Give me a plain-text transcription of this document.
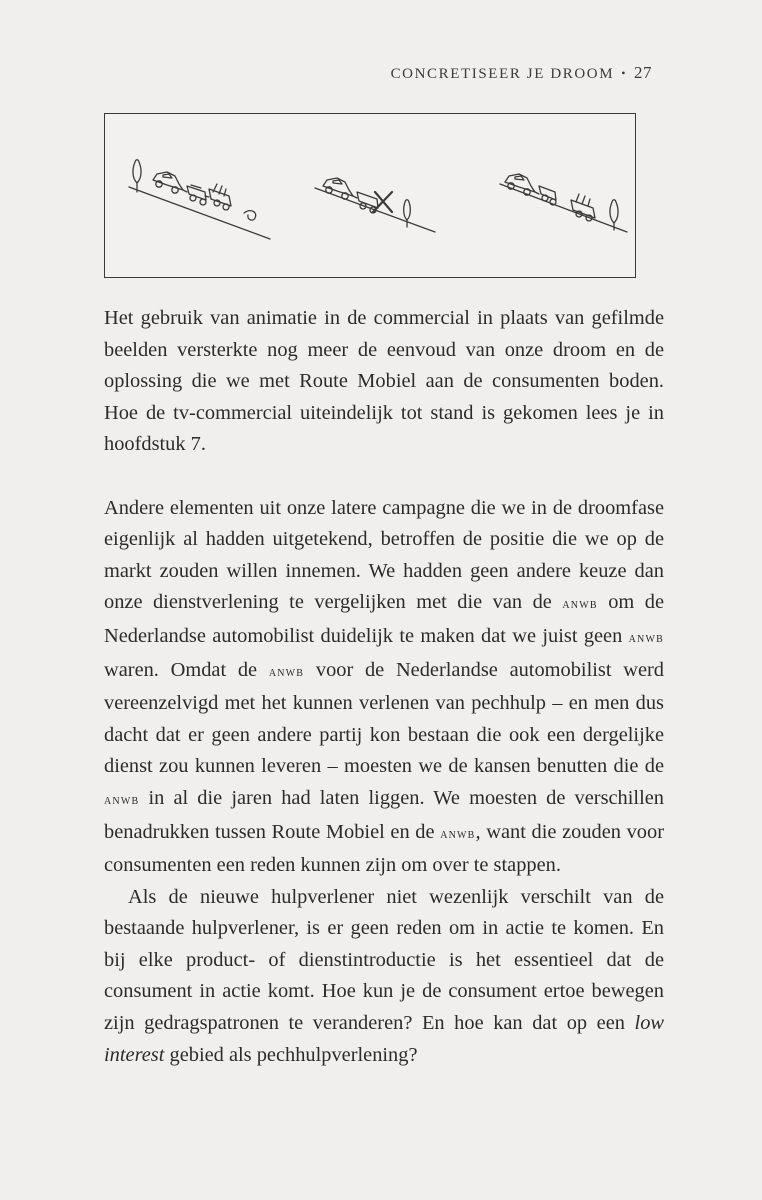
CONCRETISEER JE DROOM • 27

Het gebruik van animatie in de commercial in plaats van gefilmde beelden versterkte nog meer de eenvoud van onze droom en de oplossing die we met Route Mobiel aan de consumenten boden. Hoe de tv-commercial uiteindelijk tot stand is gekomen lees je in hoofdstuk 7.

Andere elementen uit onze latere campagne die we in de droomfase eigenlijk al hadden uitgetekend, betroffen de positie die we op de markt zouden willen innemen. We hadden geen andere keuze dan onze dienstverlening te vergelijken met die van de anwb om de Nederlandse automobilist duidelijk te maken dat we juist geen anwb waren. Omdat de anwb voor de Nederlandse automobilist werd vereenzelvigd met het kunnen verlenen van pechhulp – en men dus dacht dat er geen andere partij kon bestaan die ook een dergelijke dienst zou kunnen leveren – moesten we de kansen benutten die de anwb in al die jaren had laten liggen. We moesten de verschillen benadrukken tussen Route Mobiel en de anwb, want die zouden voor consumenten een reden kunnen zijn om over te stappen.

Als de nieuwe hulpverlener niet wezenlijk verschilt van de bestaande hulpverlener, is er geen reden om in actie te komen. En bij elke product- of dienstintroductie is het essentieel dat de consument in actie komt. Hoe kun je de consument ertoe bewegen zijn gedragspatronen te veranderen? En hoe kan dat op een low interest gebied als pechhulpverlening?
